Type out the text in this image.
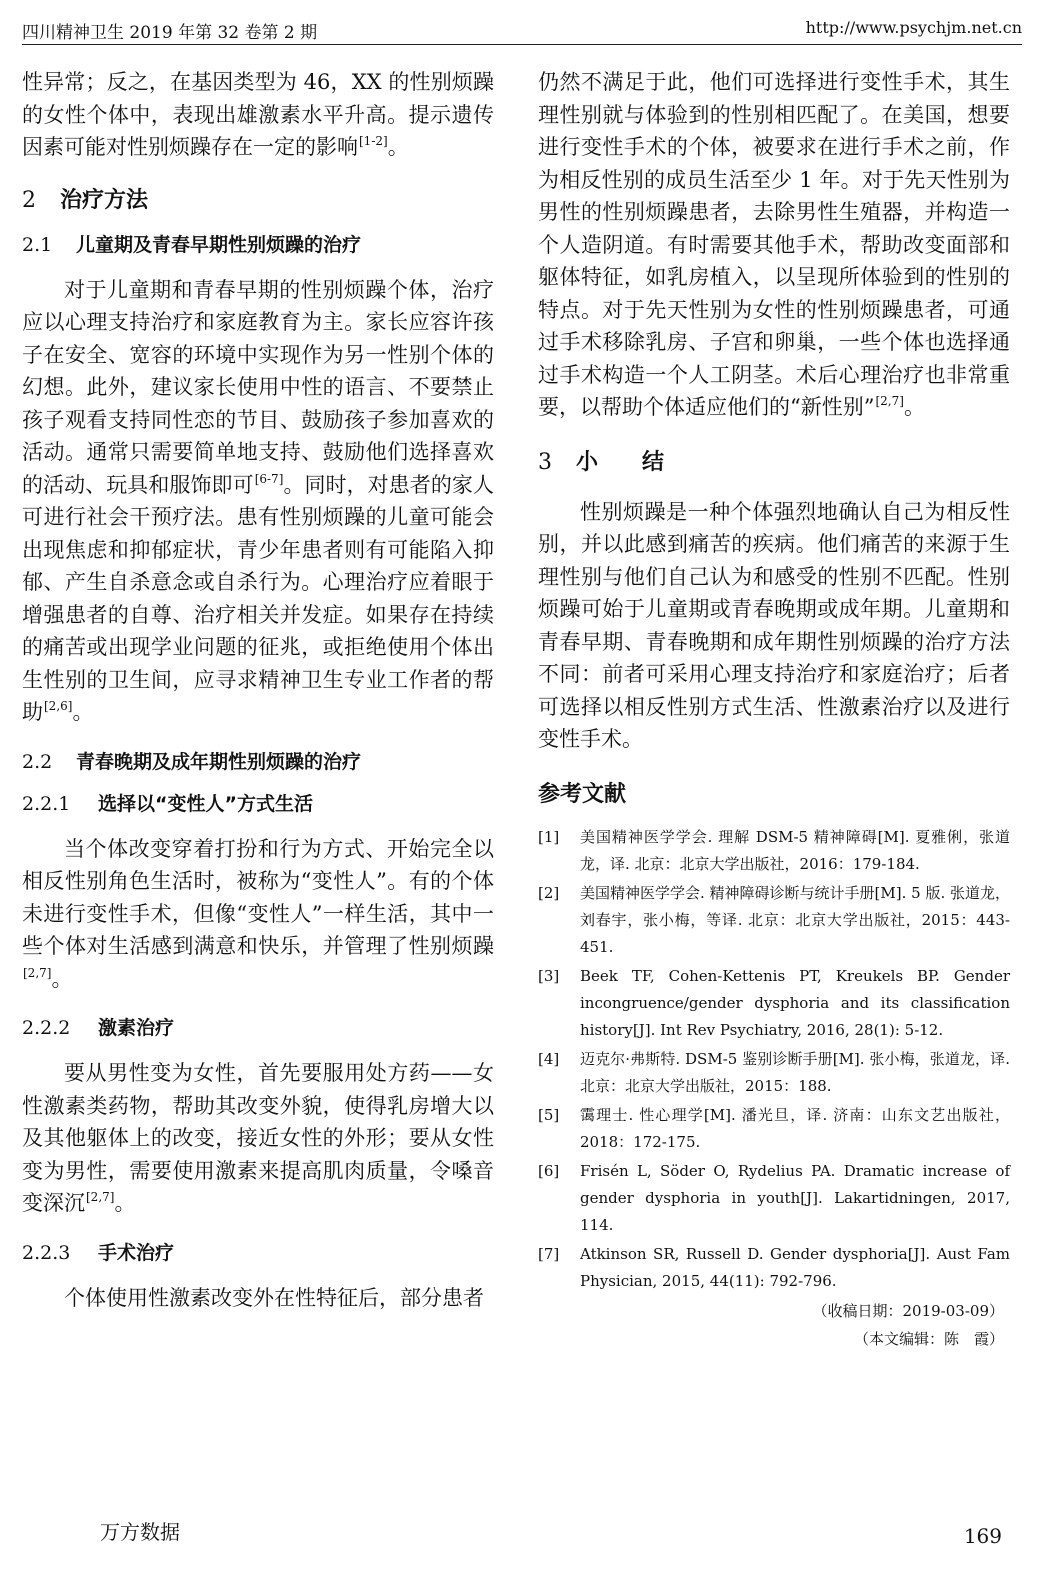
四川精神卫生 2019 年第 32 卷第 2 期	http://www.psychjm.net.cn

性异常；反之，在基因类型为 46，XX 的性别烦躁的女性个体中，表现出雄激素水平升高。提示遗传因素可能对性别烦躁存在一定的影响[1-2]。

2 治疗方法
2.1 儿童期及青春早期性别烦躁的治疗

对于儿童期和青春早期的性别烦躁个体，治疗应以心理支持治疗和家庭教育为主。家长应容许孩子在安全、宽容的环境中实现作为另一性别个体的幻想。此外，建议家长使用中性的语言、不要禁止孩子观看支持同性恋的节目、鼓励孩子参加喜欢的活动。通常只需要简单地支持、鼓励他们选择喜欢的活动、玩具和服饰即可[6-7]。同时，对患者的家人可进行社会干预疗法。患有性别烦躁的儿童可能会出现焦虑和抑郁症状，青少年患者则有可能陷入抑郁、产生自杀意念或自杀行为。心理治疗应着眼于增强患者的自尊、治疗相关并发症。如果存在持续的痛苦或出现学业问题的征兆，或拒绝使用个体出生性别的卫生间，应寻求精神卫生专业工作者的帮助[2,6]。

2.2 青春晚期及成年期性别烦躁的治疗
2.2.1 选择以“变性人”方式生活

当个体改变穿着打扮和行为方式、开始完全以相反性别角色生活时，被称为“变性人”。有的个体未进行变性手术，但像“变性人”一样生活，其中一些个体对生活感到满意和快乐，并管理了性别烦躁[2,7]。

2.2.2 激素治疗

要从男性变为女性，首先要服用处方药——女性激素类药物，帮助其改变外貌，使得乳房增大以及其他躯体上的改变，接近女性的外形；要从女性变为男性，需要使用激素来提高肌肉质量，令嗓音变深沉[2,7]。

2.2.3 手术治疗

个体使用性激素改变外在性特征后，部分患者

仍然不满足于此，他们可选择进行变性手术，其生理性别就与体验到的性别相匹配了。在美国，想要进行变性手术的个体，被要求在进行手术之前，作为相反性别的成员生活至少 1 年。对于先天性别为男性的性别烦躁患者，去除男性生殖器，并构造一个人造阴道。有时需要其他手术，帮助改变面部和躯体特征，如乳房植入，以呈现所体验到的性别的特点。对于先天性别为女性的性别烦躁患者，可通过手术移除乳房、子宫和卵巢，一些个体也选择通过手术构造一个人工阴茎。术后心理治疗也非常重要，以帮助个体适应他们的“新性别”[2,7]。

3 小　　结

性别烦躁是一种个体强烈地确认自己为相反性别，并以此感到痛苦的疾病。他们痛苦的来源于生理性别与他们自己认为和感受的性别不匹配。性别烦躁可始于儿童期或青春晚期或成年期。儿童期和青春早期、青春晚期和成年期性别烦躁的治疗方法不同：前者可采用心理支持治疗和家庭治疗；后者可选择以相反性别方式生活、性激素治疗以及进行变性手术。

参考文献
[1]	美国精神医学学会. 理解 DSM-5 精神障碍[M]. 夏雅俐，张道龙，译. 北京：北京大学出版社，2016：179-184.
[2]	美国精神医学学会. 精神障碍诊断与统计手册[M]. 5 版. 张道龙，刘春宇，张小梅，等译. 北京：北京大学出版社，2015：443-451.
[3]	Beek TF, Cohen-Kettenis PT, Kreukels BP. Gender incongruence/gender dysphoria and its classification history[J]. Int Rev Psychiatry, 2016, 28(1): 5-12.
[4]	迈克尔·弗斯特. DSM-5 鉴别诊断手册[M]. 张小梅，张道龙，译. 北京：北京大学出版社，2015：188.
[5]	霭理士. 性心理学[M]. 潘光旦，译. 济南：山东文艺出版社，2018：172-175.
[6]	Frisén L, Söder O, Rydelius PA. Dramatic increase of gender dysphoria in youth[J]. Lakartidningen, 2017, 114.
[7]	Atkinson SR, Russell D. Gender dysphoria[J]. Aust Fam Physician, 2015, 44(11): 792-796.
（收稿日期：2019-03-09）
（本文编辑：陈　霞）
万方数据	169
